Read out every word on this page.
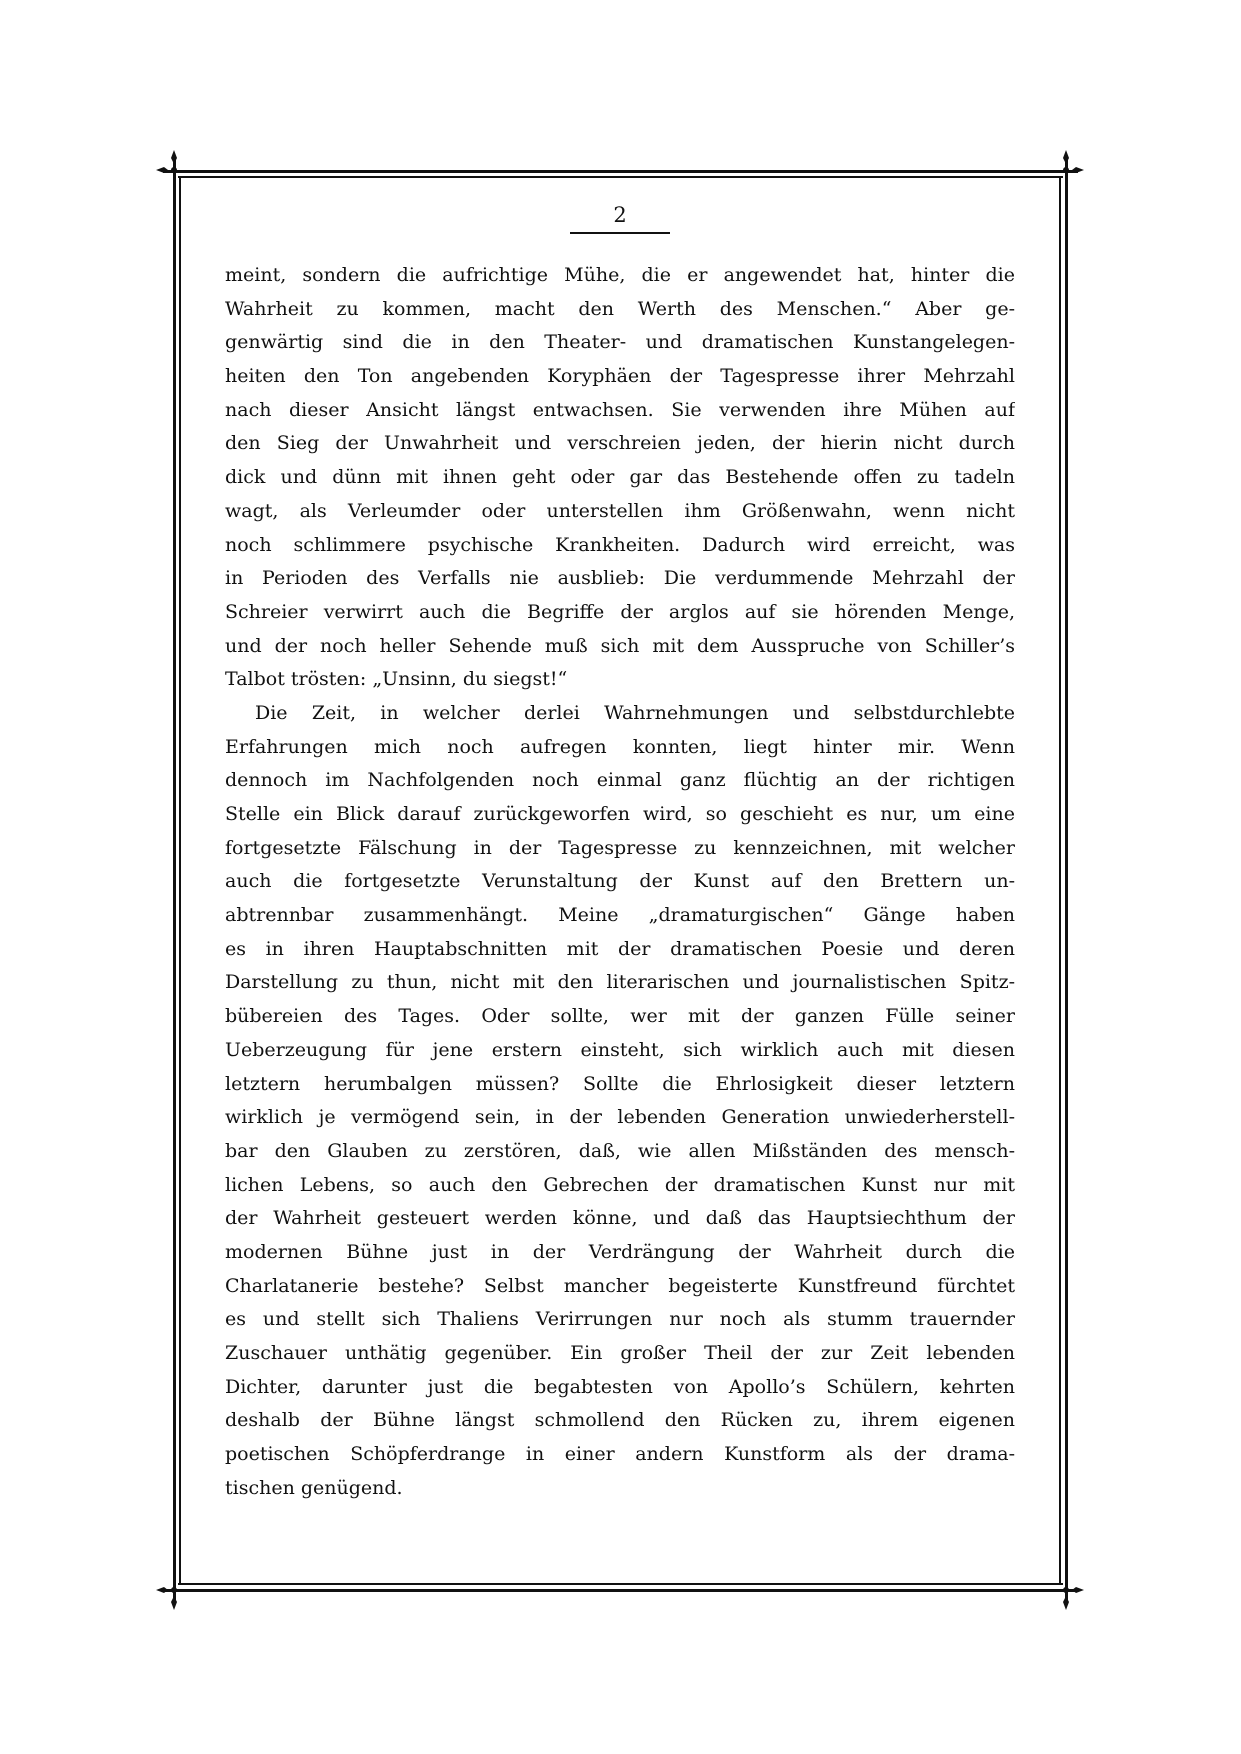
2
meint, sondern die aufrichtige Mühe, die er angewendet hat, hinter die
Wahrheit zu kommen, macht den Werth des Menschen.“ Aber ge-
genwärtig sind die in den Theater- und dramatischen Kunstangelegen-
heiten den Ton angebenden Koryphäen der Tagespresse ihrer Mehrzahl
nach dieser Ansicht längst entwachsen. Sie verwenden ihre Mühen auf
den Sieg der Unwahrheit und verschreien jeden, der hierin nicht durch
dick und dünn mit ihnen geht oder gar das Bestehende offen zu tadeln
wagt, als Verleumder oder unterstellen ihm Größenwahn, wenn nicht
noch schlimmere psychische Krankheiten. Dadurch wird erreicht, was
in Perioden des Verfalls nie ausblieb: Die verdummende Mehrzahl der
Schreier verwirrt auch die Begriffe der arglos auf sie hörenden Menge,
und der noch heller Sehende muß sich mit dem Ausspruche von Schiller’s
Talbot trösten: „Unsinn, du siegst!“
Die Zeit, in welcher derlei Wahrnehmungen und selbstdurchlebte
Erfahrungen mich noch aufregen konnten, liegt hinter mir. Wenn
dennoch im Nachfolgenden noch einmal ganz flüchtig an der richtigen
Stelle ein Blick darauf zurückgeworfen wird, so geschieht es nur, um eine
fortgesetzte Fälschung in der Tagespresse zu kennzeichnen, mit welcher
auch die fortgesetzte Verunstaltung der Kunst auf den Brettern un-
abtrennbar zusammenhängt. Meine „dramaturgischen“ Gänge haben
es in ihren Hauptabschnitten mit der dramatischen Poesie und deren
Darstellung zu thun, nicht mit den literarischen und journalistischen Spitz-
bübereien des Tages. Oder sollte, wer mit der ganzen Fülle seiner
Ueberzeugung für jene erstern einsteht, sich wirklich auch mit diesen
letztern herumbalgen müssen? Sollte die Ehrlosigkeit dieser letztern
wirklich je vermögend sein, in der lebenden Generation unwiederherstell-
bar den Glauben zu zerstören, daß, wie allen Mißständen des mensch-
lichen Lebens, so auch den Gebrechen der dramatischen Kunst nur mit
der Wahrheit gesteuert werden könne, und daß das Hauptsiechthum der
modernen Bühne just in der Verdrängung der Wahrheit durch die
Charlatanerie bestehe? Selbst mancher begeisterte Kunstfreund fürchtet
es und stellt sich Thaliens Verirrungen nur noch als stumm trauernder
Zuschauer unthätig gegenüber. Ein großer Theil der zur Zeit lebenden
Dichter, darunter just die begabtesten von Apollo’s Schülern, kehrten
deshalb der Bühne längst schmollend den Rücken zu, ihrem eigenen
poetischen Schöpferdrange in einer andern Kunstform als der drama-
tischen genügend.
